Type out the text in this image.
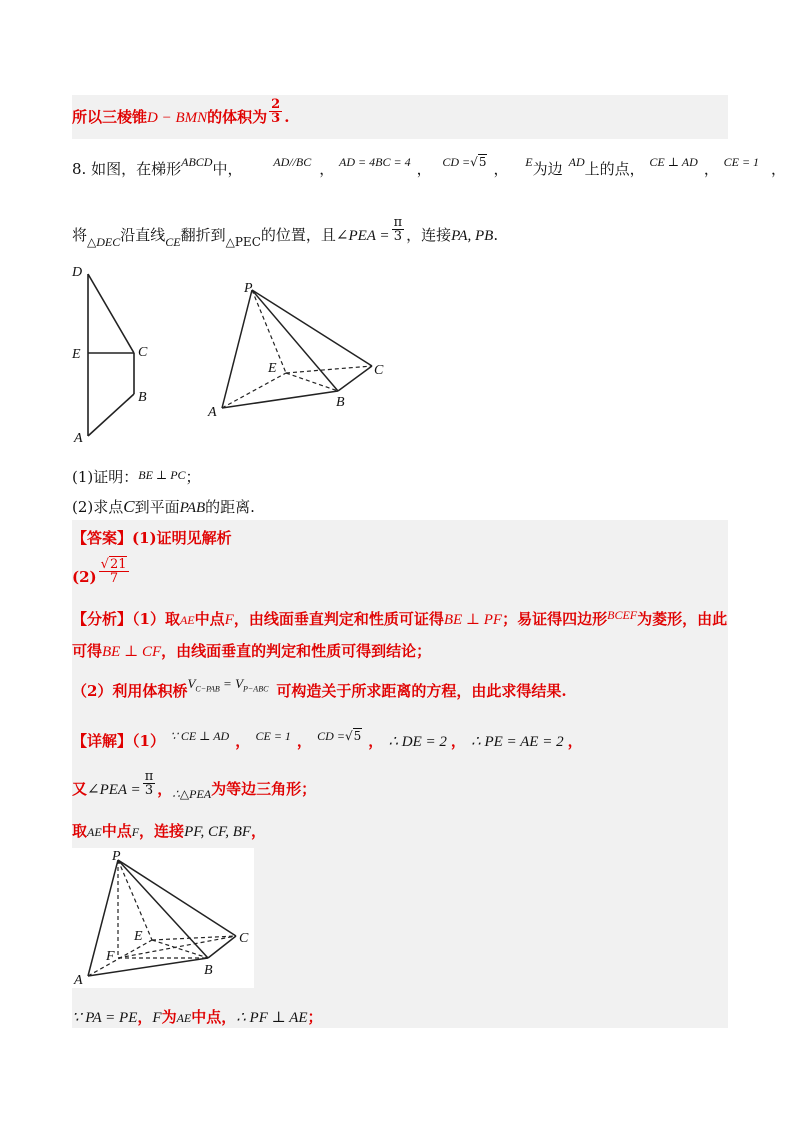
所以三棱锥D − BMN的体积为 $\frac{2}{3}$ .
8. 如图，在梯形$^{ABCD}$中，	$^{AD//BC}$ ， $^{AD = 4BC = 4}$ ， $^{CD =√5}$ ， $^E$为边 $^{AD}$上的点， $^{CE \perp AD}$ ， $^{CE = 1}$ ，
将$_{\triangle DEC}$沿直线$_{CE}$翻折到$_{\triangle PEC}$的位置，且∠PEA = $\frac{\pi}{3}$ ，连接PA, PB.
D
E	C
B
A
P
E	C
B
A
(1)证明：$^{BE \perp PC}$；
(2)求点C到平面PAB的距离.
【答案】(1)证明见解析
$(2) \frac{√21}{7}$
【分析】（1）取AE中点F，由线面垂直判定和性质可证得BE ⊥ PF；易证得四边形$^{BCEF}$为菱形，由此
可得BE ⊥ CF，由线面垂直的判定和性质可得到结论；
（2）利用体积桥$V_{C-PAB} = V_{P-ABC}$ 可构造关于所求距离的方程，由此求得结果.
【详解】（1） $^{\because CE \perp AD}$ ， $^{CE = 1}$ ， $^{CD =√5}$ ， ∴ DE = 2 ， ∴ PE = AE = 2 ，
又∠PEA = $\frac{\pi}{3}$ ，$_{\therefore\triangle PEA}$为等边三角形；
取AE中点F，连接PF, CF, BF，
P
E	C
F
B
A
∵ PA = PE，F为AE中点，∴ PF ⊥ AE；
